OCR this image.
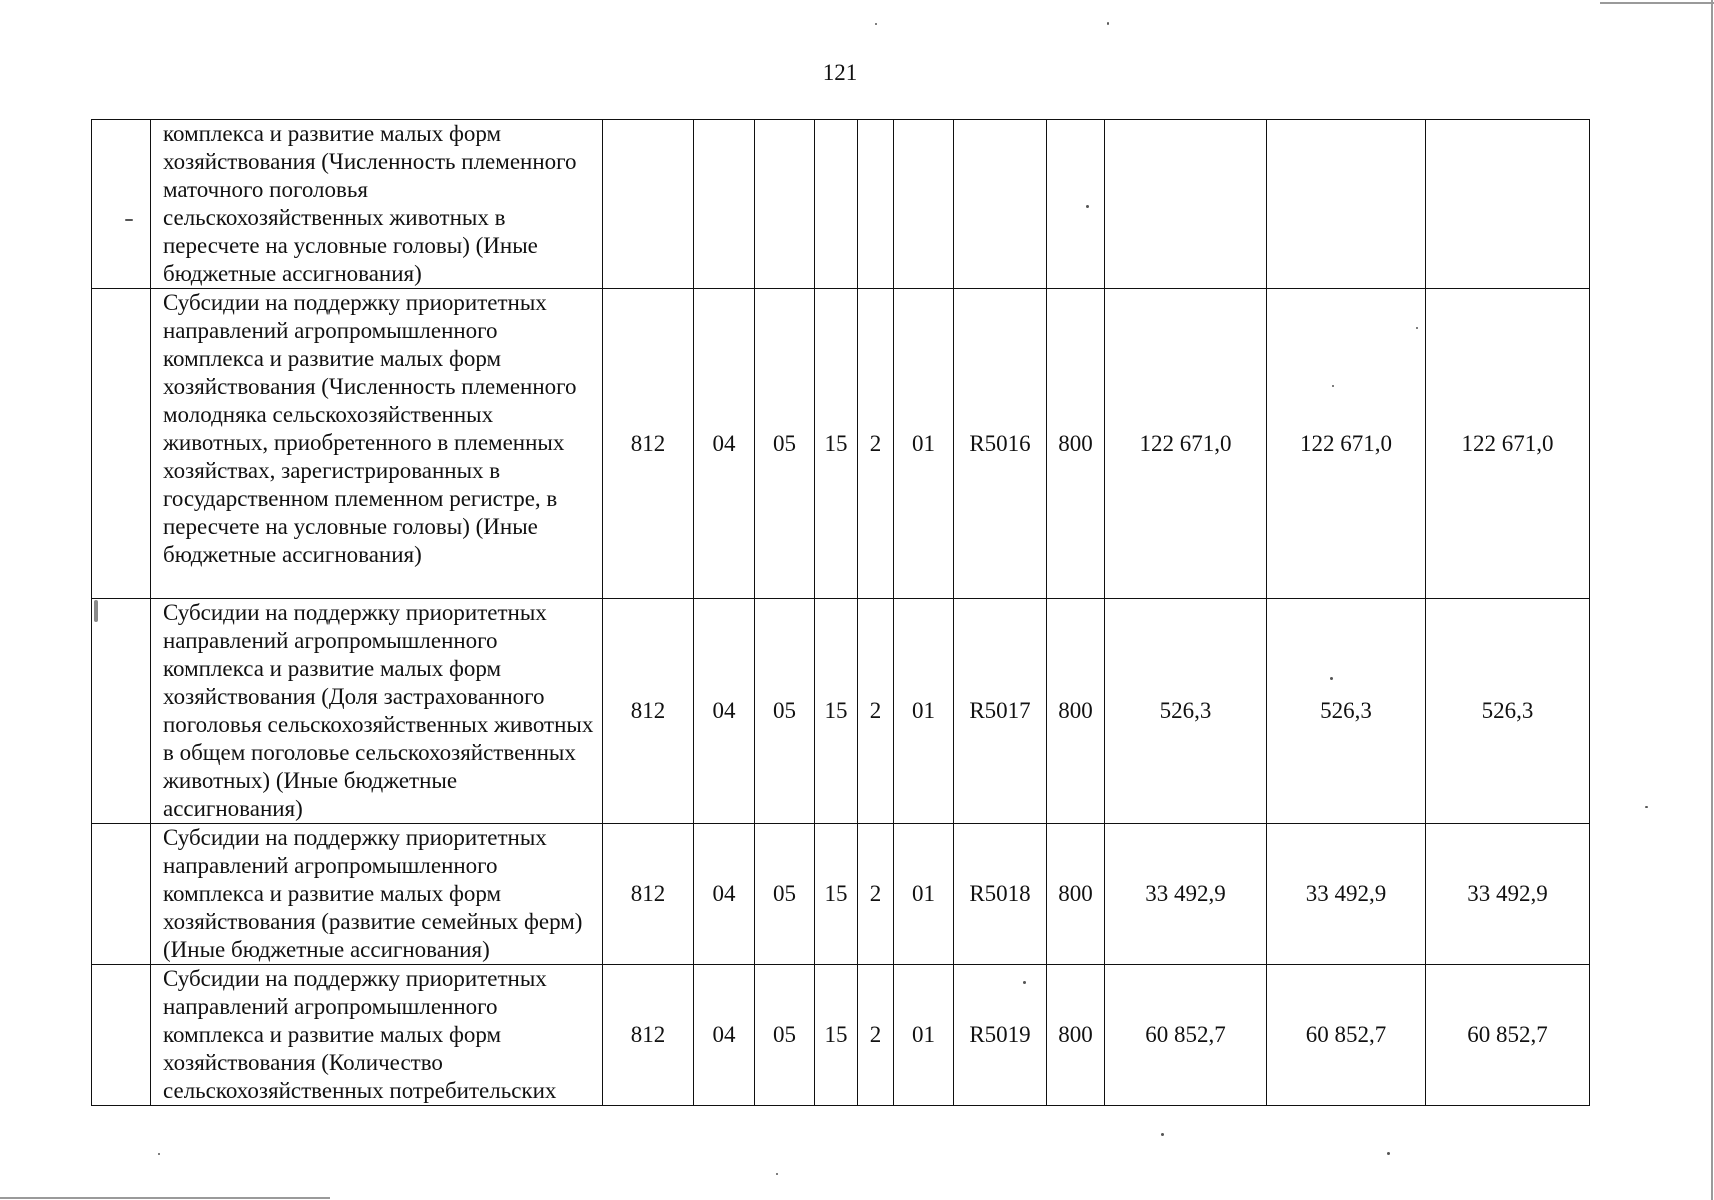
121
	комплекса и развитие малых форм хозяйствования (Численность племенного маточного поголовья сельскохозяйственных животных в пересчете на условные головы) (Иные бюджетные ассигнования)											
	Субсидии на поддержку приоритетных направлений агропромышленного комплекса и развитие малых форм хозяйствования (Численность племенного молодняка сельскохозяйственных животных, приобретенного в племенных хозяйствах, зарегистрированных в государственном племенном регистре, в пересчете на условные головы) (Иные бюджетные ассигнования)	812	04	05	15	2	01	R5016	800	122 671,0	122 671,0	122 671,0
	Субсидии на поддержку приоритетных направлений агропромышленного комплекса и развитие малых форм хозяйствования (Доля застрахованного поголовья сельскохозяйственных животных в общем поголовье сельскохозяйственных животных) (Иные бюджетные ассигнования)	812	04	05	15	2	01	R5017	800	526,3	526,3	526,3
	Субсидии на поддержку приоритетных направлений агропромышленного комплекса и развитие малых форм хозяйствования (развитие семейных ферм) (Иные бюджетные ассигнования)	812	04	05	15	2	01	R5018	800	33 492,9	33 492,9	33 492,9
	Субсидии на поддержку приоритетных направлений агропромышленного комплекса и развитие малых форм хозяйствования (Количество сельскохозяйственных потребительских	812	04	05	15	2	01	R5019	800	60 852,7	60 852,7	60 852,7
